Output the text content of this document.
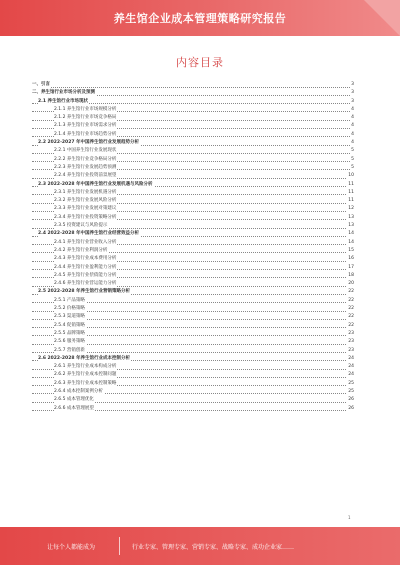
养生馆企业成本管理策略研究报告
内容目录
一、引言	3
二、养生馆行业市场分析及预测	3
2.1 养生馆行业市场现状	3
2.1.1 养生馆行业市场规模分析	4
2.1.2 养生馆行业市场竞争格局	4
2.1.3 养生馆行业市场需求分析	4
2.1.4 养生馆行业市场趋势分析	4
2.2 2022-2027 年中国养生馆行业发展趋势分析	4
2.2.1 中国养生馆行业发展现状	5
2.2.2 养生馆行业竞争格局分析	5
2.2.3 养生馆行业发展趋势预测	5
2.2.4 养生馆行业投资前景展望	10
2.3 2022-2028 年中国养生馆行业发展机遇与风险分析	11
2.3.1 养生馆行业发展机遇分析	11
2.3.2 养生馆行业发展风险分析	11
2.3.3 养生馆行业发展对策建议	12
2.3.4 养生馆行业投资策略分析	13
2.3.5 投资建议与风险提示	13
2.4 2022-2028 年中国养生馆行业经营效益分析	14
2.4.1 养生馆行业营业收入分析	14
2.4.2 养生馆行业利润分析	15
2.4.3 养生馆行业成本费用分析	16
2.4.4 养生馆行业盈利能力分析	17
2.4.5 养生馆行业偿债能力分析	18
2.4.6 养生馆行业营运能力分析	20
2.5 2022-2028 年养生馆行业营销策略分析	22
2.5.1 产品策略	22
2.5.2 价格策略	22
2.5.3 渠道策略	22
2.5.4 促销策略	22
2.5.5 品牌策略	23
2.5.6 服务策略	23
2.5.7 营销创新	23
2.6 2022-2028 年养生馆行业成本控制分析	24
2.6.1 养生馆行业成本构成分析	24
2.6.2 养生馆行业成本控制问题	24
2.6.3 养生馆行业成本控制策略	25
2.6.4 成本控制案例分析	25
2.6.5 成本管理优化	26
2.6.6 成本管理展望	26
1
让每个人都能成为	行业专家、管理专家、营销专家、战略专家、成功企业家……
